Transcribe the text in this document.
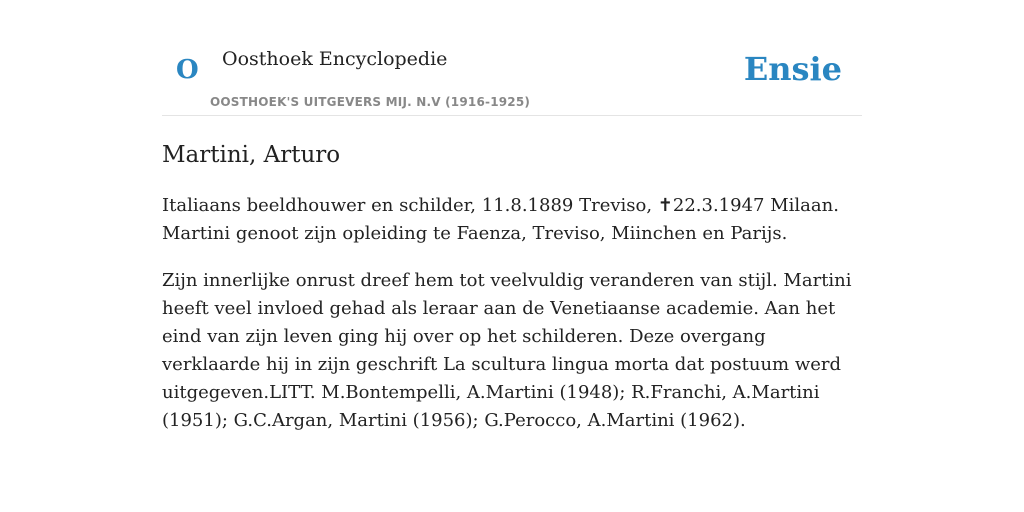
O Oosthoek Encyclopedie
OOSTHOEK'S UITGEVERS MIJ. N.V (1916-1925)
Ensie
Martini, Arturo

Italiaans beeldhouwer en schilder, 11.8.1889 Treviso, ✝22.3.1947 Milaan. Martini genoot zijn opleiding te Faenza, Treviso, Miinchen en Parijs.

Zijn innerlijke onrust dreef hem tot veelvuldig veranderen van stijl. Martini heeft veel invloed gehad als leraar aan de Venetiaanse academie. Aan het eind van zijn leven ging hij over op het schilderen. Deze overgang verklaarde hij in zijn geschrift La scultura lingua morta dat postuum werd uitgegeven.LITT. M.Bontempelli, A.Martini (1948); R.Franchi, A.Martini (1951); G.C.Argan, Martini (1956); G.Perocco, A.Martini (1962).
